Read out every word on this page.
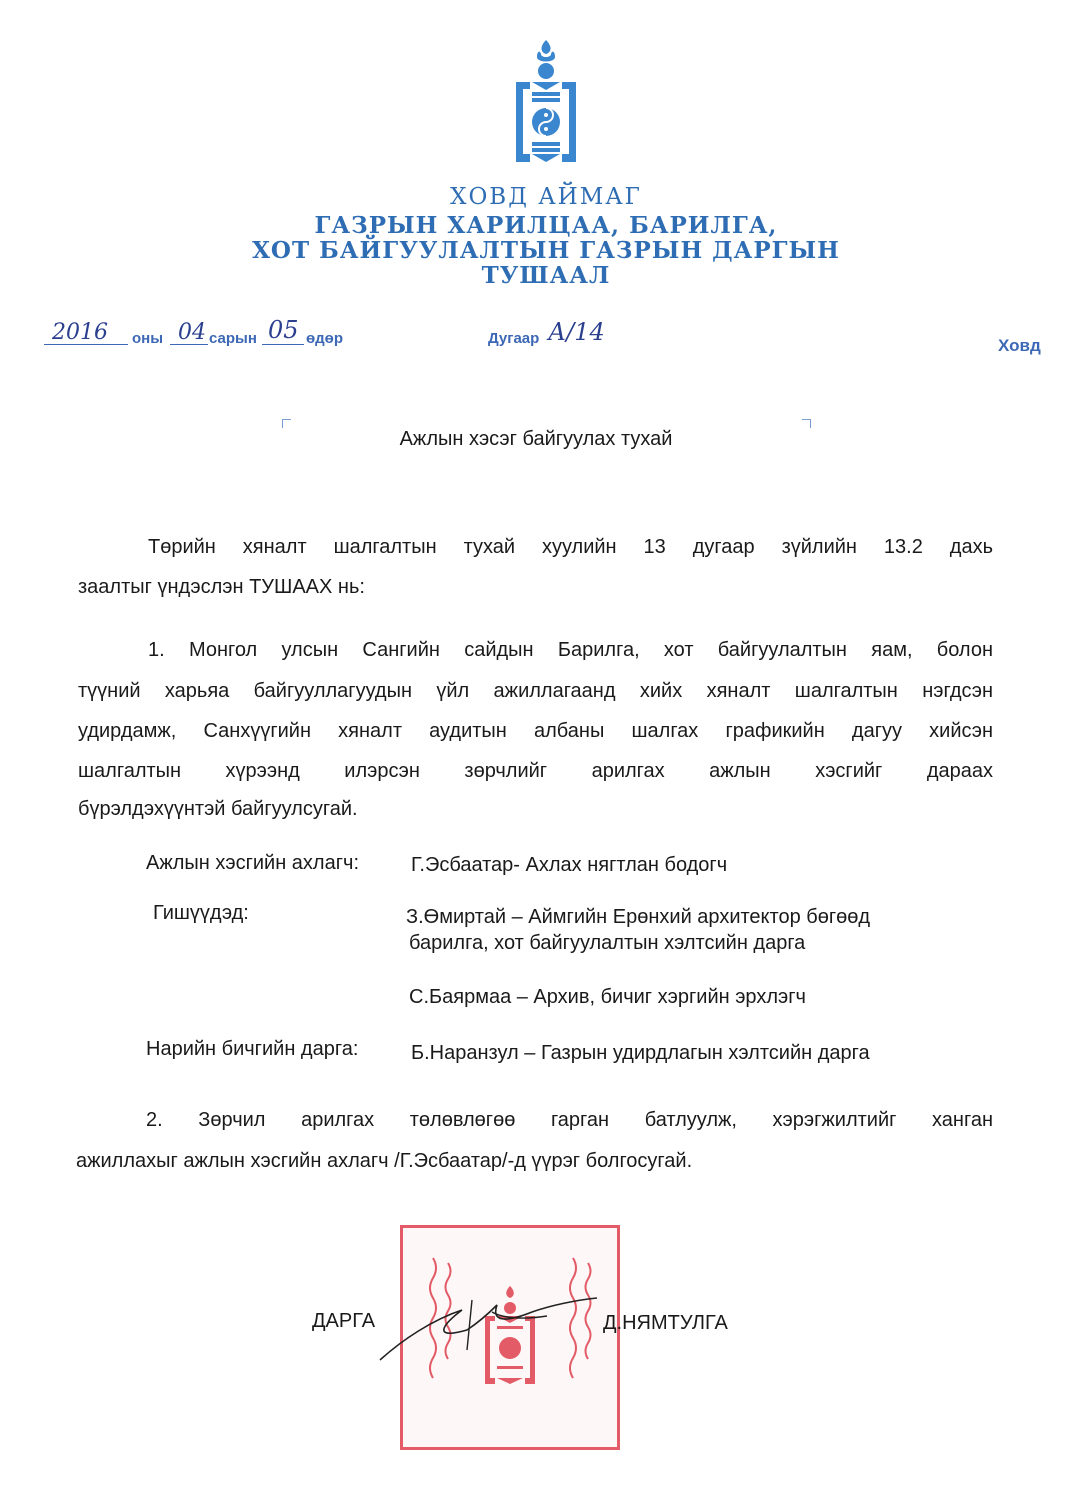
ХОВД АЙМАГ
ГАЗРЫН ХАРИЛЦАА, БАРИЛГА,
ХОТ БАЙГУУЛАЛТЫН ГАЗРЫН ДАРГЫН
ТУШААЛ
2016 оны 04 сарын 05 өдөр	Дугаар А/14	Ховд
Ажлын хэсэг байгуулах тухай
Төрийн хяналт шалгалтын тухай хуулийн 13 дугаар зүйлийн 13.2 дахь
заалтыг үндэслэн ТУШААХ нь:
1. Монгол улсын Сангийн сайдын Барилга, хот байгуулалтын яам, болон
түүний харьяа байгууллагуудын үйл ажиллагаанд хийх хяналт шалгалтын нэгдсэн
удирдамж, Санхүүгийн хяналт аудитын албаны шалгах графикийн дагуу хийсэн
шалгалтын хүрээнд илэрсэн зөрчлийг арилгах ажлын хэсгийг дараах
бүрэлдэхүүнтэй байгуулсугай.
Ажлын хэсгийн ахлагч:	Г.Эсбаатар- Ахлах нягтлан бодогч
Гишүүдэд:	З.Өмиртай – Аймгийн Ерөнхий архитектор бөгөөд
барилга, хот байгуулалтын хэлтсийн дарга
С.Баярмаа – Архив, бичиг хэргийн эрхлэгч
Нарийн бичгийн дарга:	Б.Наранзул – Газрын удирдлагын хэлтсийн дарга
2. Зөрчил арилгах төлөвлөгөө гарган батлуулж, хэрэгжилтийг ханган
ажиллахыг ажлын хэсгийн ахлагч /Г.Эсбаатар/-д үүрэг болгосугай.
ДАРГА	Д.НЯМТУЛГА
